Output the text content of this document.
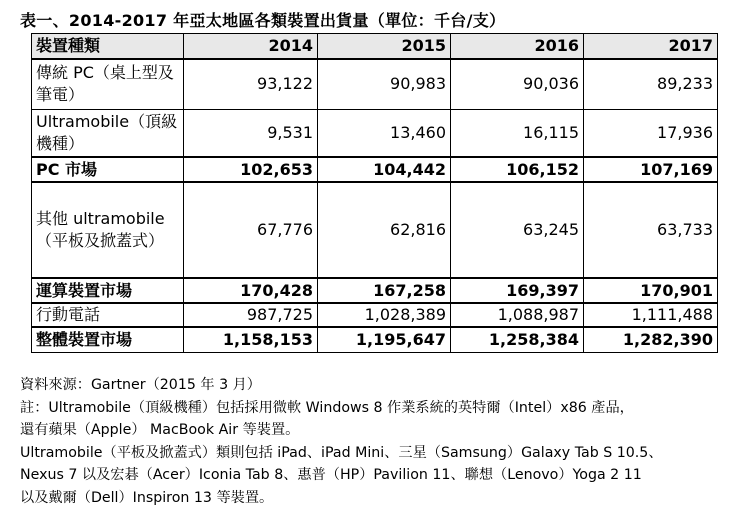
表一、2014-2017 年亞太地區各類裝置出貨量（單位：千台/支）
裝置種類	2014	2015	2016	2017
傳統 PC（桌上型及筆電）	93,122	90,983	90,036	89,233
Ultramobile（頂級機種）	9,531	13,460	16,115	17,936
PC 市場	102,653	104,442	106,152	107,169
其他 ultramobile（平板及掀蓋式）	67,776	62,816	63,245	63,733
運算裝置市場	170,428	167,258	169,397	170,901
行動電話	987,725	1,028,389	1,088,987	1,111,488
整體裝置市場	1,158,153	1,195,647	1,258,384	1,282,390

資料來源：Gartner（2015 年 3 月）

註：Ultramobile（頂級機種）包括採用微軟 Windows 8 作業系統的英特爾（Intel）x86 產品，

還有蘋果（Apple） MacBook Air 等裝置。

Ultramobile（平板及掀蓋式）類則包括 iPad、iPad Mini、三星（Samsung）Galaxy Tab S 10.5、

Nexus 7 以及宏碁（Acer）Iconia Tab 8、惠普（HP）Pavilion 11、聯想（Lenovo）Yoga 2 11

以及戴爾（Dell）Inspiron 13 等裝置。
